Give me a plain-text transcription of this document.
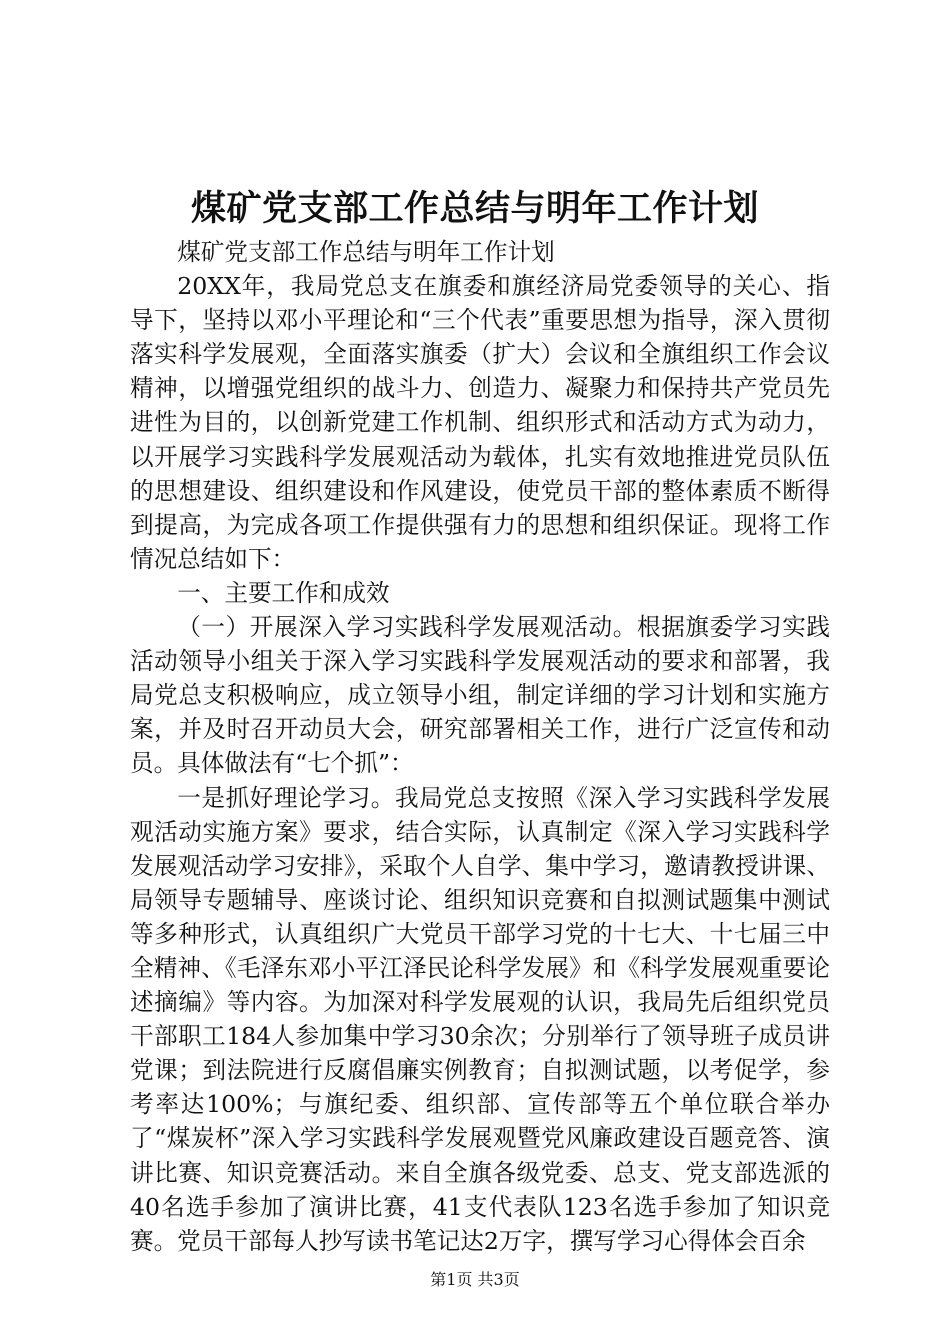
煤矿党支部工作总结与明年工作计划

煤矿党支部工作总结与明年工作计划

20XX年，我局党总支在旗委和旗经济局党委领导的关心、指导下，坚持以邓小平理论和“三个代表”重要思想为指导，深入贯彻落实科学发展观，全面落实旗委（扩大）会议和全旗组织工作会议精神，以增强党组织的战斗力、创造力、凝聚力和保持共产党员先进性为目的，以创新党建工作机制、组织形式和活动方式为动力，以开展学习实践科学发展观活动为载体，扎实有效地推进党员队伍的思想建设、组织建设和作风建设，使党员干部的整体素质不断得到提高，为完成各项工作提供强有力的思想和组织保证。现将工作情况总结如下：

一、主要工作和成效

（一）开展深入学习实践科学发展观活动。根据旗委学习实践活动领导小组关于深入学习实践科学发展观活动的要求和部署，我局党总支积极响应，成立领导小组，制定详细的学习计划和实施方案，并及时召开动员大会，研究部署相关工作，进行广泛宣传和动员。具体做法有“七个抓”：

一是抓好理论学习。我局党总支按照《深入学习实践科学发展观活动实施方案》要求，结合实际，认真制定《深入学习实践科学发展观活动学习安排》，采取个人自学、集中学习，邀请教授讲课、局领导专题辅导、座谈讨论、组织知识竞赛和自拟测试题集中测试等多种形式，认真组织广大党员干部学习党的十七大、十七届三中全精神、《毛泽东邓小平江泽民论科学发展》和《科学发展观重要论述摘编》等内容。为加深对科学发展观的认识，我局先后组织党员干部职工184人参加集中学习30余次；分别举行了领导班子成员讲党课；到法院进行反腐倡廉实例教育；自拟测试题，以考促学，参考率达100%；与旗纪委、组织部、宣传部等五个单位联合举办了“煤炭杯”深入学习实践科学发展观暨党风廉政建设百题竞答、演讲比赛、知识竞赛活动。来自全旗各级党委、总支、党支部选派的40名选手参加了演讲比赛，41支代表队123名选手参加了知识竞赛。党员干部每人抄写读书笔记达2万字，撰写学习心得体会百余

第1页 共3页
